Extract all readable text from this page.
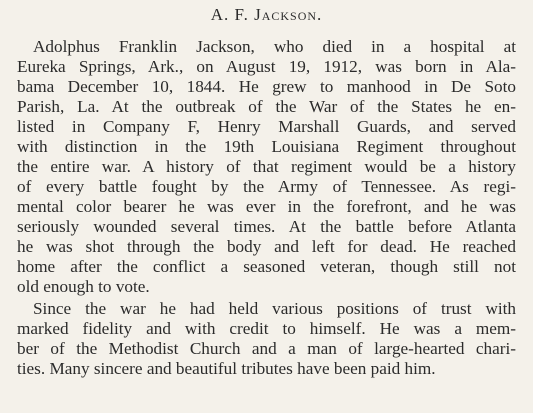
A. F. Jackson.
Adolphus Franklin Jackson, who died in a hospital at
Eureka Springs, Ark., on August 19, 1912, was born in Ala-
bama December 10, 1844. He grew to manhood in De Soto
Parish, La. At the outbreak of the War of the States he en-
listed in Company F, Henry Marshall Guards, and served
with distinction in the 19th Louisiana Regiment throughout
the entire war. A history of that regiment would be a history
of every battle fought by the Army of Tennessee. As regi-
mental color bearer he was ever in the forefront, and he was
seriously wounded several times. At the battle before Atlanta
he was shot through the body and left for dead. He reached
home after the conflict a seasoned veteran, though still not
old enough to vote.
Since the war he had held various positions of trust with
marked fidelity and with credit to himself. He was a mem-
ber of the Methodist Church and a man of large-hearted chari-
ties. Many sincere and beautiful tributes have been paid him.
